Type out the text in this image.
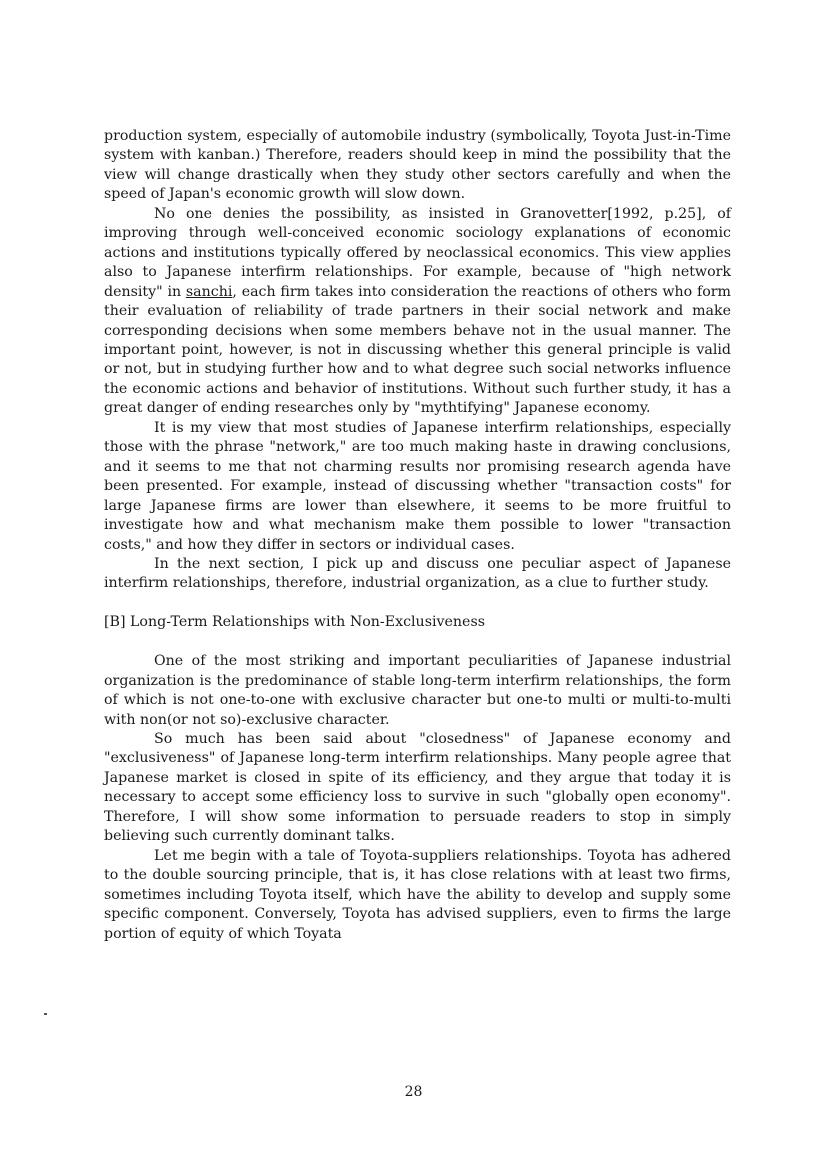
production system, especially of automobile industry (symbolically, Toyota Just-in-Time system with kanban.) Therefore, readers should keep in mind the possibility that the view will change drastically when they study other sectors carefully and when the speed of Japan's economic growth will slow down.

No one denies the possibility, as insisted in Granovetter[1992, p.25], of improving through well-conceived economic sociology explanations of economic actions and institutions typically offered by neoclassical economics. This view applies also to Japanese interfirm relationships. For example, because of "high network density" in sanchi, each firm takes into consideration the reactions of others who form their evaluation of reliability of trade partners in their social network and make corresponding decisions when some members behave not in the usual manner. The important point, however, is not in discussing whether this general principle is valid or not, but in studying further how and to what degree such social networks influence the economic actions and behavior of institutions. Without such further study, it has a great danger of ending researches only by "mythtifying" Japanese economy.

It is my view that most studies of Japanese interfirm relationships, especially those with the phrase "network," are too much making haste in drawing conclusions, and it seems to me that not charming results nor promising research agenda have been presented. For example, instead of discussing whether "transaction costs" for large Japanese firms are lower than elsewhere, it seems to be more fruitful to investigate how and what mechanism make them possible to lower "transaction costs," and how they differ in sectors or individual cases.

In the next section, I pick up and discuss one peculiar aspect of Japanese interfirm relationships, therefore, industrial organization, as a clue to further study.

[B] Long-Term Relationships with Non-Exclusiveness

One of the most striking and important peculiarities of Japanese industrial organization is the predominance of stable long-term interfirm relationships, the form of which is not one-to-one with exclusive character but one-to multi or multi-to-multi with non(or not so)-exclusive character.

So much has been said about "closedness" of Japanese economy and "exclusiveness" of Japanese long-term interfirm relationships. Many people agree that Japanese market is closed in spite of its efficiency, and they argue that today it is necessary to accept some efficiency loss to survive in such "globally open economy". Therefore, I will show some information to persuade readers to stop in simply believing such currently dominant talks.

Let me begin with a tale of Toyota-suppliers relationships. Toyota has adhered to the double sourcing principle, that is, it has close relations with at least two firms, sometimes including Toyota itself, which have the ability to develop and supply some specific component. Conversely, Toyota has advised suppliers, even to firms the large portion of equity of which Toyata

28
